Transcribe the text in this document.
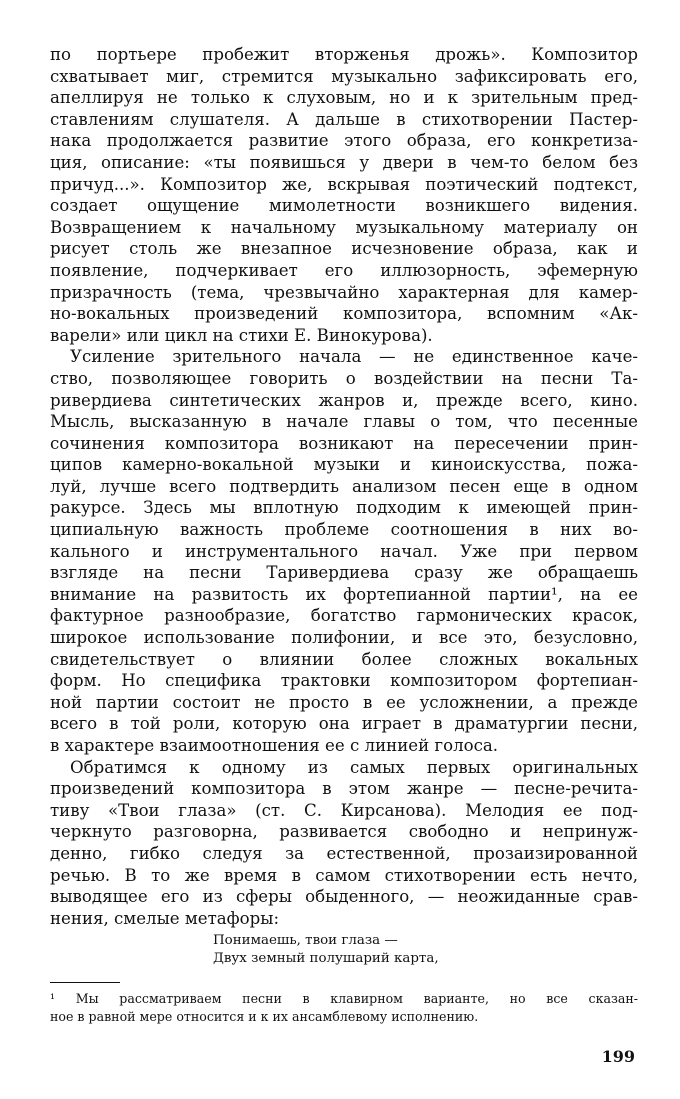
по портьере пробежит вторженья дрожь». Композитор
схватывает миг, стремится музыкально зафиксировать его,
апеллируя не только к слуховым, но и к зрительным пред-
ставлениям слушателя. А дальше в стихотворении Пастер-
нака продолжается развитие этого образа, его конкретиза-
ция, описание: «ты появишься у двери в чем-то белом без
причуд...». Композитор же, вскрывая поэтический подтекст,
создает ощущение мимолетности возникшего видения.
Возвращением к начальному музыкальному материалу он
рисует столь же внезапное исчезновение образа, как и
появление, подчеркивает его иллюзорность, эфемерную
призрачность (тема, чрезвычайно характерная для камер-
но-вокальных произведений композитора, вспомним «Ак-
варели» или цикл на стихи Е. Винокурова).
Усиление зрительного начала — не единственное каче-
ство, позволяющее говорить о воздействии на песни Та-
ривердиева синтетических жанров и, прежде всего, кино.
Мысль, высказанную в начале главы о том, что песенные
сочинения композитора возникают на пересечении прин-
ципов камерно-вокальной музыки и киноискусства, пожа-
луй, лучше всего подтвердить анализом песен еще в одном
ракурсе. Здесь мы вплотную подходим к имеющей прин-
ципиальную важность проблеме соотношения в них во-
кального и инструментального начал. Уже при первом
взгляде на песни Таривердиева сразу же обращаешь
внимание на развитость их фортепианной партии¹, на ее
фактурное разнообразие, богатство гармонических красок,
широкое использование полифонии, и все это, безусловно,
свидетельствует о влиянии более сложных вокальных
форм. Но специфика трактовки композитором фортепиан-
ной партии состоит не просто в ее усложнении, а прежде
всего в той роли, которую она играет в драматургии песни,
в характере взаимоотношения ее с линией голоса.
Обратимся к одному из самых первых оригинальных
произведений композитора в этом жанре — песне-речита-
тиву «Твои глаза» (ст. С. Кирсанова). Мелодия ее под-
черкнуто разговорна, развивается свободно и непринуж-
денно, гибко следуя за естественной, прозаизированной
речью. В то же время в самом стихотворении есть нечто,
выводящее его из сферы обыденного, — неожиданные срав-
нения, смелые метафоры:
Понимаешь, твои глаза —
Двух земный полушарий карта,
¹ Мы рассматриваем песни в клавирном варианте, но все сказан-
ное в равной мере относится и к их ансамблевому исполнению.
199
